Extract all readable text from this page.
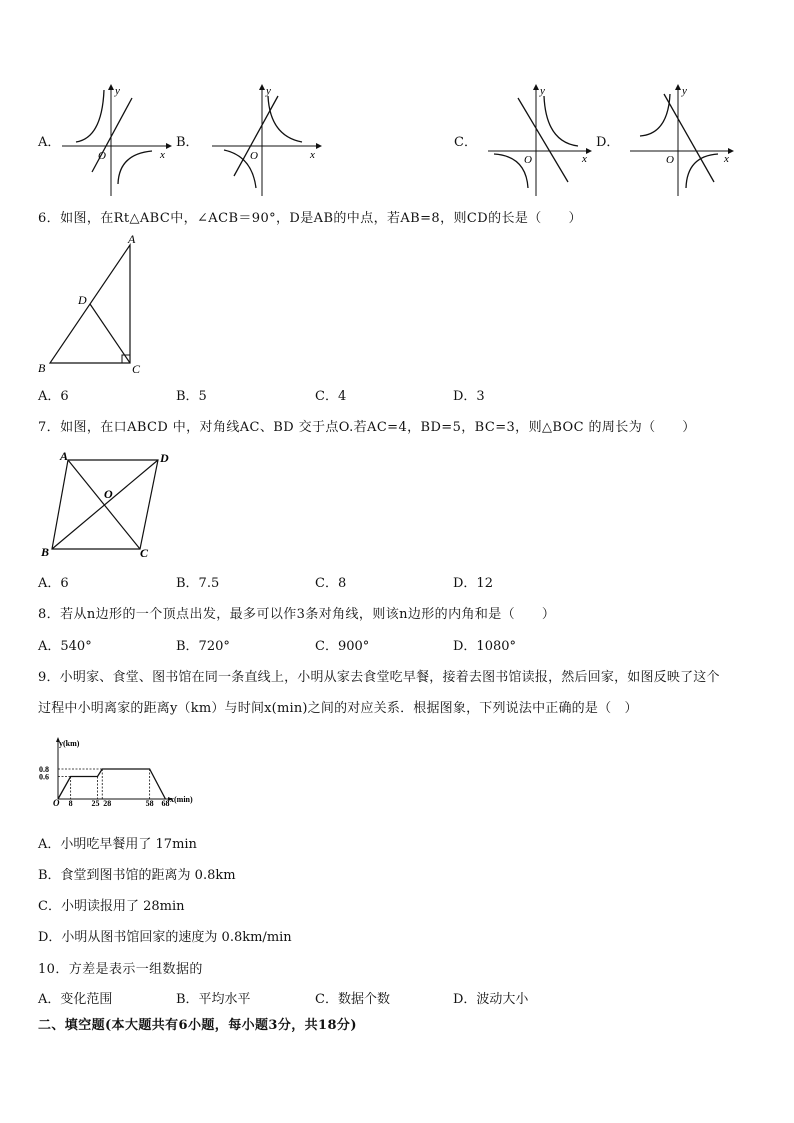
A．
y
x
O
B．
y
x
O
C．
y
x
O
D．
y
x
O
6．如图，在Rt△ABC中，∠ACB＝90°，D是AB的中点，若AB=8，则CD的长是（　　）
A
B	C
D
A．6	B．5	C．4	D．3
7．如图，在口ABCD 中，对角线AC、BD 交于点O.若AC=4，BD=5，BC=3，则△BOC 的周长为（　　）
A	D
B	C
O
A．6	B．7.5	C．8	D．12
8．若从n边形的一个顶点出发，最多可以作3条对角线，则该n边形的内角和是（　　）
A．540°	B．720°	C．900°	D．1080°
9．小明家、食堂、图书馆在同一条直线上，小明从家去食堂吃早餐，接着去图书馆读报，然后回家，如图反映了这个
过程中小明离家的距离y（km）与时间x(min)之间的对应关系．根据图象，下列说法中正确的是（　）
y(km)
x(min)
O
0.6
0.8
8 25 28	58 68
A．小明吃早餐用了 17min
B．食堂到图书馆的距离为 0.8km
C．小明读报用了 28min
D．小明从图书馆回家的速度为 0.8km/min
10．方差是表示一组数据的
A．变化范围	B．平均水平	C．数据个数	D．波动大小
二、填空题(本大题共有6小题，每小题3分，共18分)
